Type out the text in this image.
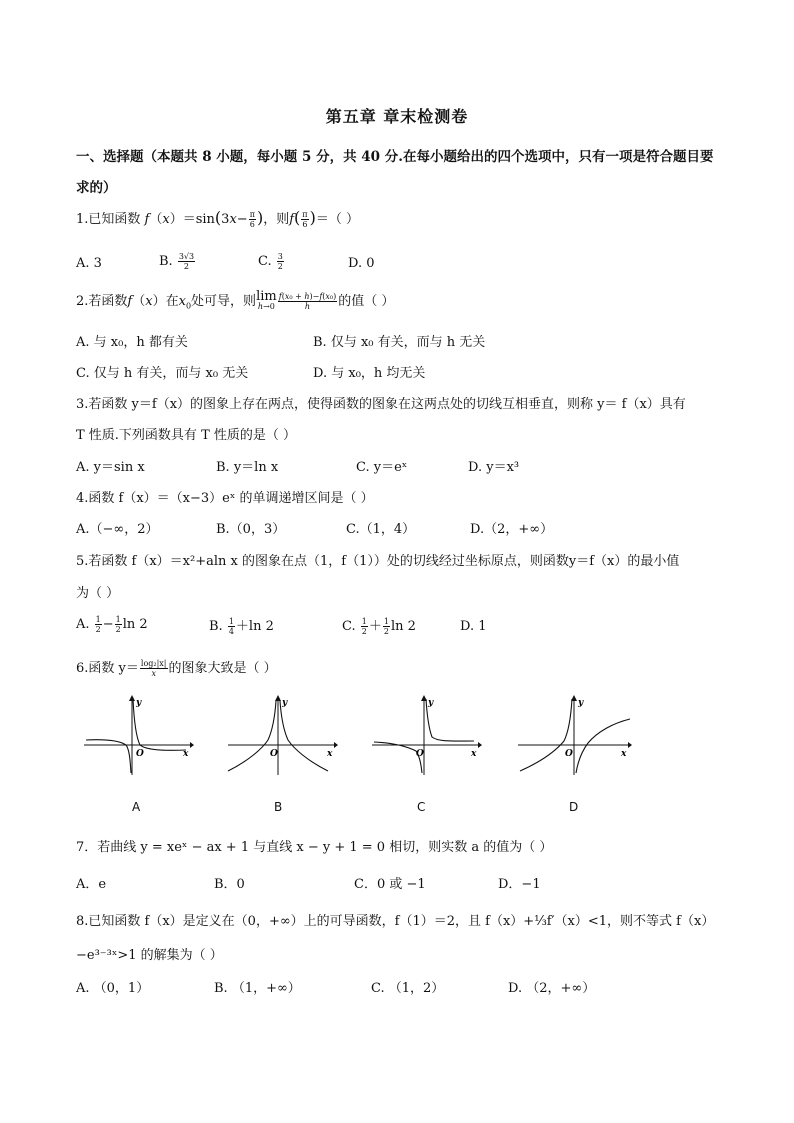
第五章 章末检测卷
一、选择题（本题共 8 小题，每小题 5 分，共 40 分.在每小题给出的四个选项中，只有一项是符合题目要
求的）
1.已知函数 $f(x)=\sin(3x- \frac{\pi}{6}$ )，则$f( \frac{\pi}{6}$ )＝（ ）
A. 3	B. $\frac{3√3}{2}$	C. $\frac{3}{2}$	D. 0
2.若函数f（x）在$x_0$处可导，则 lim
$h\to 0 \frac{\text{f(x₀ + h)−f(x₀)}}{h}$ 的值（ ）
A. 与 x₀，h 都有关	B. 仅与 x₀ 有关，而与 h 无关
C. 仅与 h 有关，而与 x₀ 无关	D. 与 x₀，h 均无关
3.若函数 y＝f（x）的图象上存在两点，使得函数的图象在这两点处的切线互相垂直，则称 y＝ f（x）具有
T 性质.下列函数具有 T 性质的是（ ）
A. y＝sin x	B. y＝ln x	C. y＝eˣ	D. y＝x³
4.函数 f（x）＝（x−3）eˣ 的单调递增区间是（ ）
A.（−∞，2）	B.（0，3）	C.（1，4）	D.（2，+∞）
5.若函数 f（x）＝x²+aln x 的图象在点（1，f（1））处的切线经过坐标原点，则函数y＝f（x）的最小值
为（ ）
A. $\frac{1}{2} - \frac{1}{2}$ ln 2	B. $\frac{1}{4} +\ln$ 2	C. $\frac{1}{2} + \frac{1}{2}$ ln 2	D. 1
6.函数 $y= \frac{\text{log₂|x|}}{x}$ 的图象大致是（ ）
y
O	x
y
O	x
y
O	x
y
O	x
A	B	C	D
7．若曲线 y = xeˣ − ax + 1 与直线 x − y + 1 = 0 相切，则实数 a 的值为（ ）
A．e	B．0	C．0 或 −1	D．−1
8.已知函数 f（x）是定义在（0，+∞）上的可导函数，f（1）＝2，且 f（x）+⅓f′（x）<1，则不等式 f（x）
−e³⁻³ˣ>1 的解集为（ ）
A. （0，1）	B. （1，+∞）	C. （1，2）	D. （2，+∞）
